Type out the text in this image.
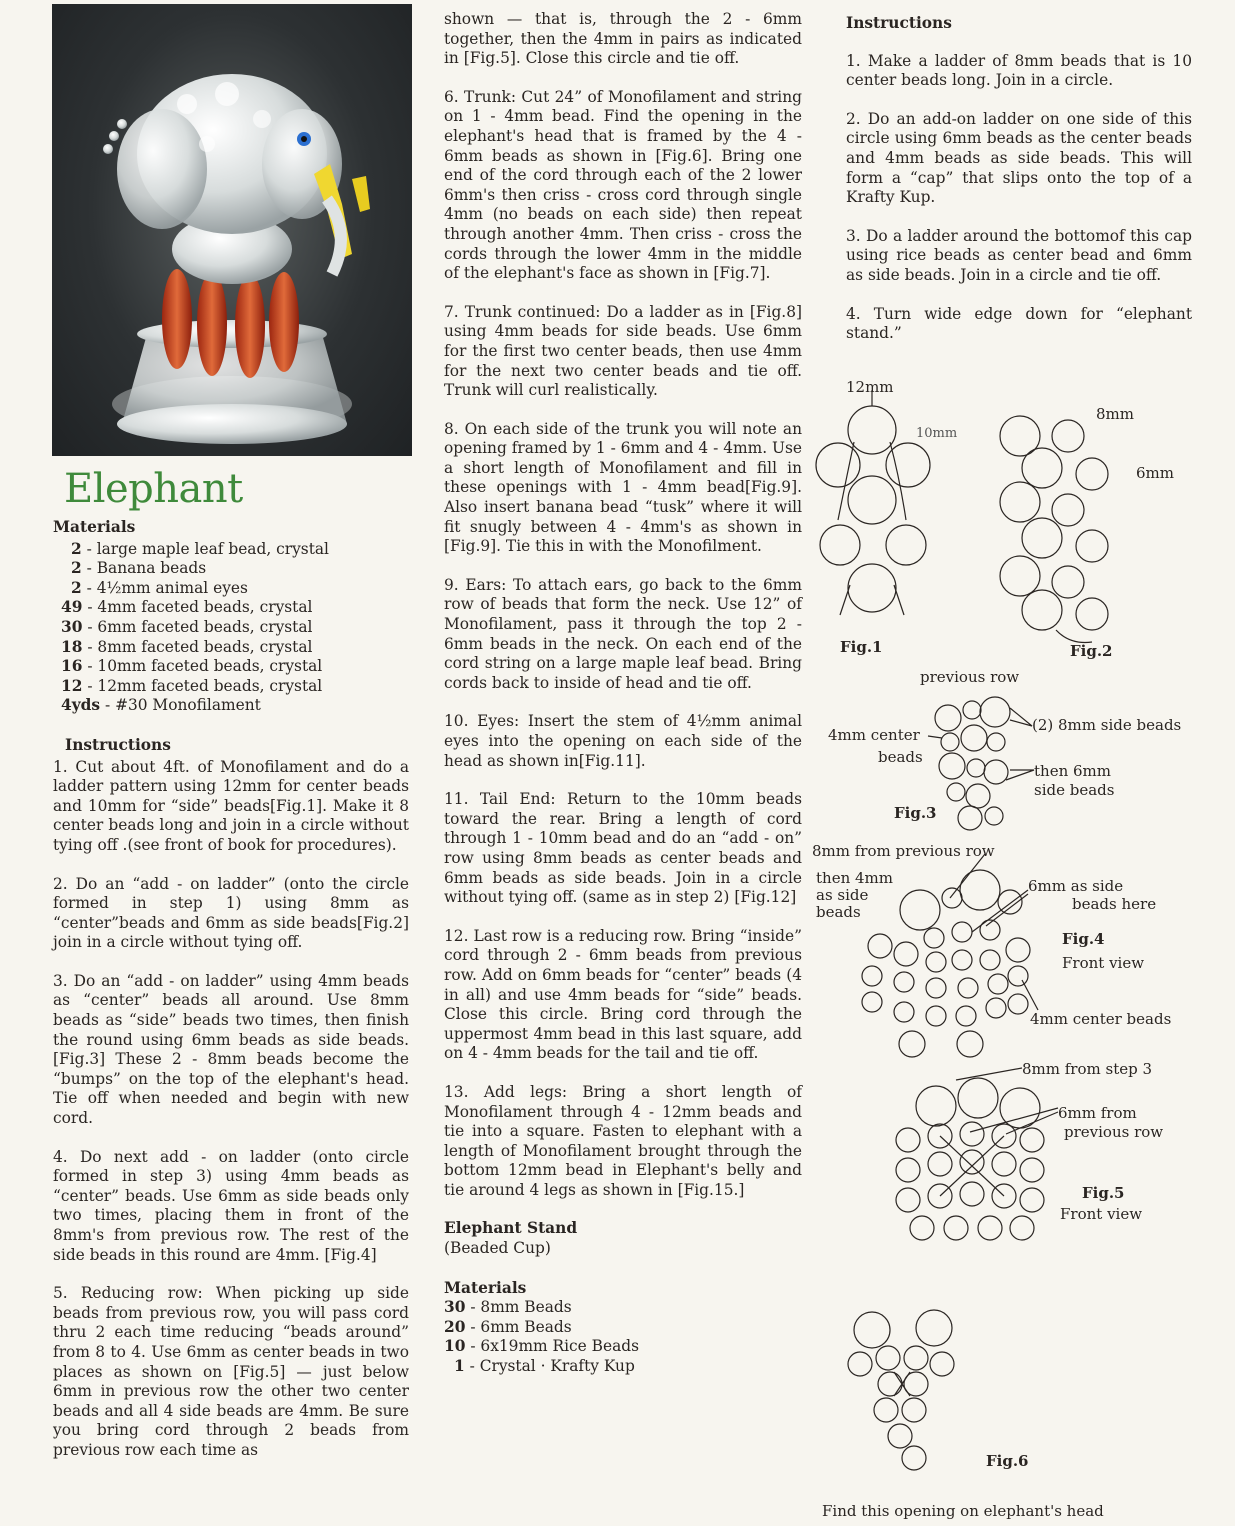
Elephant
Materials
2 - large maple leaf bead, crystal
2 - Banana beads
2 - 4½mm animal eyes
49 - 4mm faceted beads, crystal
30 - 6mm faceted beads, crystal
18 - 8mm faceted beads, crystal
16 - 10mm faceted beads, crystal
12 - 12mm faceted beads, crystal
4yds - #30 Monofilament
Instructions

1. Cut about 4ft. of Monofilament and do a ladder pattern using 12mm for center beads and 10mm for “side” beads[Fig.1]. Make it 8 center beads long and join in a circle without tying off .(see front of book for procedures).

2. Do an “add - on ladder” (onto the circle formed in step 1) using 8mm as “center”beads and 6mm as side beads[Fig.2] join in a circle without tying off.

3. Do an “add - on ladder” using 4mm beads as “center” beads all around. Use 8mm beads as “side” beads two times, then finish the round using 6mm beads as side beads.[Fig.3] These 2 - 8mm beads become the “bumps” on the top of the elephant's head. Tie off when needed and begin with new cord.

4. Do next add - on ladder (onto circle formed in step 3) using 4mm beads as “center” beads. Use 6mm as side beads only two times, placing them in front of the 8mm's from previous row. The rest of the side beads in this round are 4mm. [Fig.4]

5. Reducing row: When picking up side beads from previous row, you will pass cord thru 2 each time reducing “beads around” from 8 to 4. Use 6mm as center beads in two places as shown on [Fig.5] — just below 6mm in previous row the other two center beads and all 4 side beads are 4mm. Be sure you bring cord through 2 beads from previous row each time as

shown — that is, through the 2 - 6mm together, then the 4mm in pairs as indicated in [Fig.5]. Close this circle and tie off.

6. Trunk: Cut 24” of Monofilament and string on 1 - 4mm bead. Find the opening in the elephant's head that is framed by the 4 - 6mm beads as shown in [Fig.6]. Bring one end of the cord through each of the 2 lower 6mm's then criss - cross cord through single 4mm (no beads on each side) then repeat through another 4mm. Then criss - cross the cords through the lower 4mm in the middle of the elephant's face as shown in [Fig.7].

7. Trunk continued: Do a ladder as in [Fig.8] using 4mm beads for side beads. Use 6mm for the first two center beads, then use 4mm for the next two center beads and tie off. Trunk will curl realistically.

8. On each side of the trunk you will note an opening framed by 1 - 6mm and 4 - 4mm. Use a short length of Monofilament and fill in these openings with 1 - 4mm bead[Fig.9]. Also insert banana bead “tusk” where it will fit snugly between 4 - 4mm's as shown in [Fig.9]. Tie this in with the Monofilment.

9. Ears: To attach ears, go back to the 6mm row of beads that form the neck. Use 12” of Monofilament, pass it through the top 2 - 6mm beads in the neck. On each end of the cord string on a large maple leaf bead. Bring cords back to inside of head and tie off.

10. Eyes: Insert the stem of 4½mm animal eyes into the opening on each side of the head as shown in[Fig.11].

11. Tail End: Return to the 10mm beads toward the rear. Bring a length of cord through 1 - 10mm bead and do an “add - on” row using 8mm beads as center beads and 6mm beads as side beads. Join in a circle without tying off. (same as in step 2) [Fig.12]

12. Last row is a reducing row. Bring “inside” cord through 2 - 6mm beads from previous row. Add on 6mm beads for “center” beads (4 in all) and use 4mm beads for “side” beads. Close this circle. Bring cord through the uppermost 4mm bead in this last square, add on 4 - 4mm beads for the tail and tie off.

13. Add legs: Bring a short length of Monofilament through 4 - 12mm beads and tie into a square. Fasten to elephant with a length of Monofilament brought through the bottom 12mm bead in Elephant's belly and tie around 4 legs as shown in [Fig.15.]

Elephant Stand
(Beaded Cup)
Materials
30 - 8mm Beads
20 - 6mm Beads
10 - 6x19mm Rice Beads
1 - Crystal · Krafty Kup
Instructions

1. Make a ladder of 8mm beads that is 10 center beads long. Join in a circle.

2. Do an add-on ladder on one side of this circle using 6mm beads as the center beads and 4mm beads as side beads. This will form a “cap” that slips onto the top of a Krafty Kup.

3. Do a ladder around the bottomof this cap using rice beads as center bead and 6mm as side beads. Join in a circle and tie off.

4. Turn wide edge down for “elephant stand.”

12mm
10mm
Fig.1
8mm
6mm
Fig.2
previous row
4mm center
beads
(2) 8mm side beads
then 6mm
side beads
Fig.3
8mm from previous row
then 4mm
as side
beads
6mm as side
beads here
Fig.4
Front view
4mm center beads
8mm from step 3
6mm from
previous row
Fig.5
Front view
Fig.6
Find this opening on elephant's head
